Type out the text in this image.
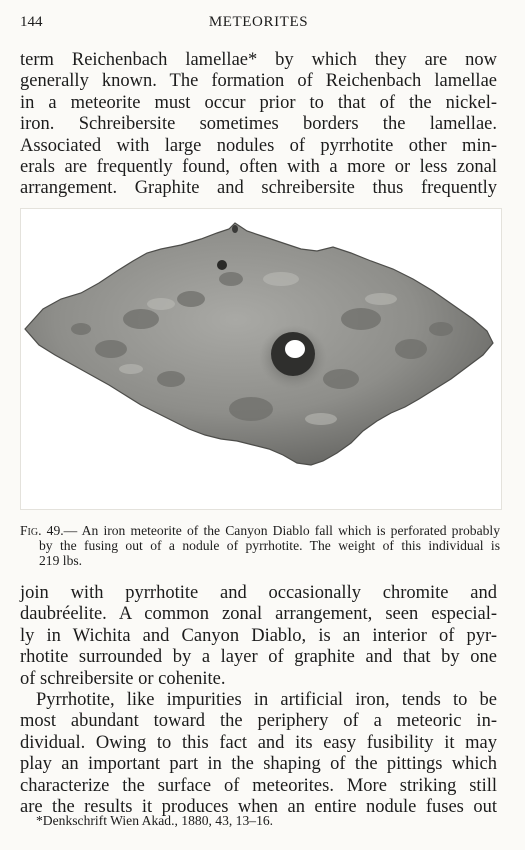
144	METEORITES
term Reichenbach lamellae* by which they are now
generally known. The formation of Reichenbach lamellae
in a meteorite must occur prior to that of the nickel-
iron. Schreibersite sometimes borders the lamellae.
Associated with large nodules of pyrrhotite other min-
erals are frequently found, often with a more or less zonal
arrangement. Graphite and schreibersite thus frequently
Fig. 49.— An iron meteorite of the Canyon Diablo fall which is perforated probably
by the fusing out of a nodule of pyrrhotite. The weight of this individual is
219 lbs.
join with pyrrhotite and occasionally chromite and
daubréelite. A common zonal arrangement, seen especial-
ly in Wichita and Canyon Diablo, is an interior of pyr-
rhotite surrounded by a layer of graphite and that by one
of schreibersite or cohenite.
Pyrrhotite, like impurities in artificial iron, tends to be
most abundant toward the periphery of a meteoric in-
dividual. Owing to this fact and its easy fusibility it may
play an important part in the shaping of the pittings which
characterize the surface of meteorites. More striking still
are the results it produces when an entire nodule fuses out
*Denkschrift Wien Akad., 1880, 43, 13–16.
